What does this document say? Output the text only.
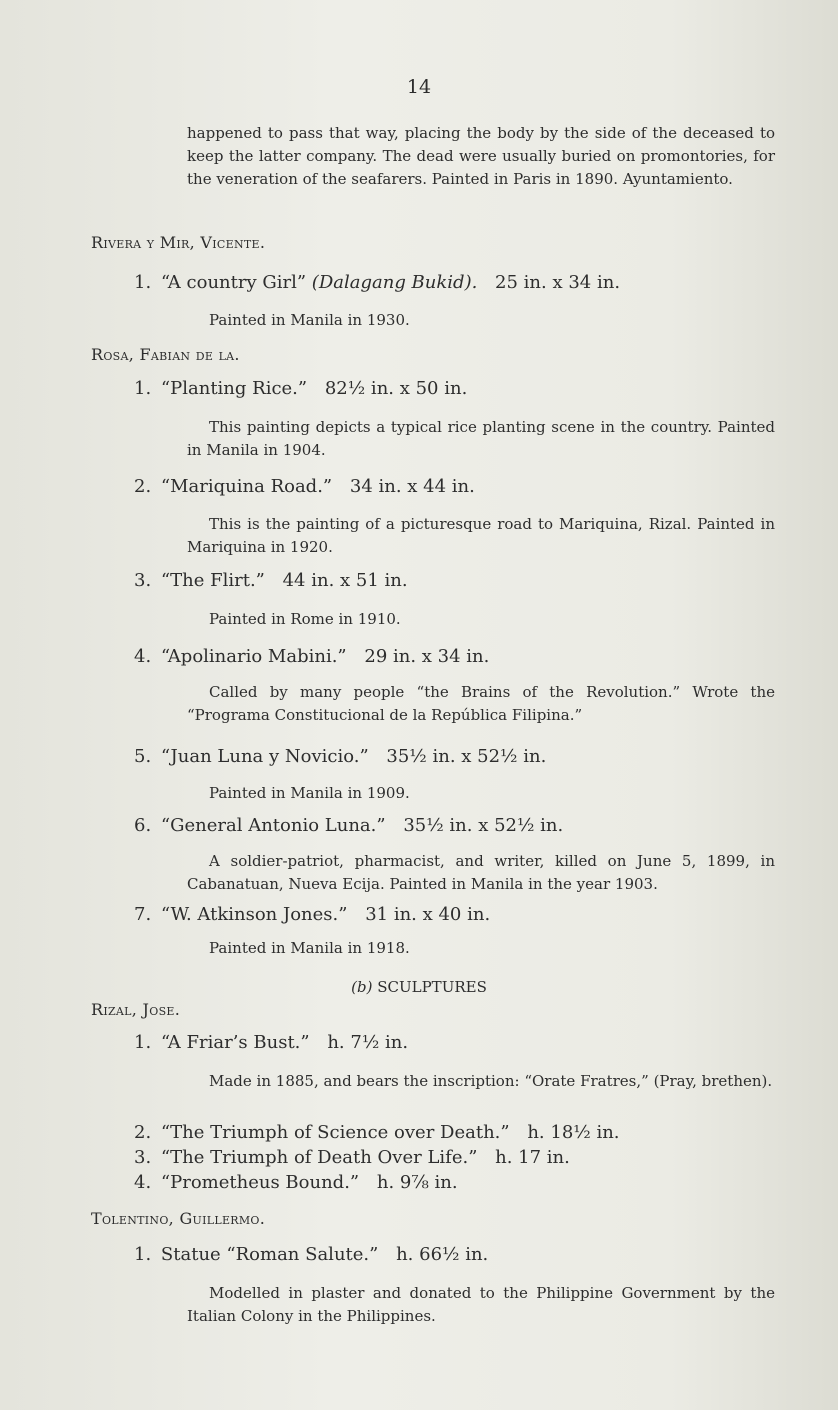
14
happened to pass that way, placing the body by the side of the deceased to keep the latter company. The dead were usually buried on promontories, for the veneration of the seafarers. Painted in Paris in 1890. Ayuntamiento.
Rivera y Mir, Vicente.
1. “A country Girl” (Dalagang Bukid). 25 in. x 34 in.
Painted in Manila in 1930.
Rosa, Fabian de la.
1. “Planting Rice.” 82½ in. x 50 in.
This painting depicts a typical rice planting scene in the country. Painted in Manila in 1904.
2. “Mariquina Road.” 34 in. x 44 in.
This is the painting of a picturesque road to Mariquina, Rizal. Painted in Mariquina in 1920.
3. “The Flirt.” 44 in. x 51 in.
Painted in Rome in 1910.
4. “Apolinario Mabini.” 29 in. x 34 in.
Called by many people “the Brains of the Revolution.” Wrote the “Programa Constitucional de la República Filipina.”
5. “Juan Luna y Novicio.” 35½ in. x 52½ in.
Painted in Manila in 1909.
6. “General Antonio Luna.” 35½ in. x 52½ in.
A soldier-patriot, pharmacist, and writer, killed on June 5, 1899, in Cabanatuan, Nueva Ecija. Painted in Manila in the year 1903.
7. “W. Atkinson Jones.” 31 in. x 40 in.
Painted in Manila in 1918.
(b) SCULPTURES
Rizal, Jose.
1. “A Friar’s Bust.” h. 7½ in.
Made in 1885, and bears the inscription: “Orate Fratres,” (Pray, brethen).
2. “The Triumph of Science over Death.” h. 18½ in.
3. “The Triumph of Death Over Life.” h. 17 in.
4. “Prometheus Bound.” h. 9⅞ in.
Tolentino, Guillermo.
1. Statue “Roman Salute.” h. 66½ in.
Modelled in plaster and donated to the Philippine Government by the Italian Colony in the Philippines.
